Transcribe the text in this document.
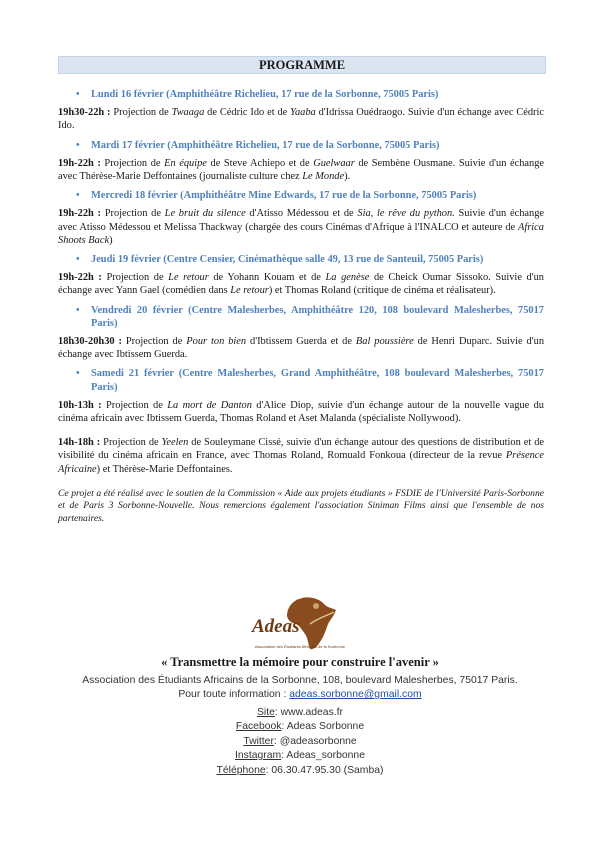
PROGRAMME
• Lundi 16 février (Amphithéâtre Richelieu, 17 rue de la Sorbonne, 75005 Paris)
19h30-22h : Projection de Twaaga de Cédric Ido et de Yaaba d'Idrissa Ouédraogo. Suivie d'un échange avec Cédric Ido.
• Mardi 17 février (Amphithéâtre Richelieu, 17 rue de la Sorbonne, 75005 Paris)
19h-22h : Projection de En équipe de Steve Achiepo et de Guelwaar de Sembène Ousmane. Suivie d'un échange avec Thérèse-Marie Deffontaines (journaliste culture chez Le Monde).
• Mercredi 18 février (Amphithéâtre Mine Edwards, 17 rue de la Sorbonne, 75005 Paris)
19h-22h : Projection de Le bruit du silence d'Atisso Médessou et de Sia, le rêve du python. Suivie d'un échange avec Atisso Médessou et Melissa Thackway (chargée des cours Cinémas d'Afrique à l'INALCO et auteure de Africa Shoots Back)
• Jeudi 19 février (Centre Censier, Cinémathèque salle 49, 13 rue de Santeuil, 75005 Paris)
19h-22h : Projection de Le retour de Yohann Kouam et de La genèse de Cheick Oumar Sissoko. Suivie d'un échange avec Yann Gael (comédien dans Le retour) et Thomas Roland (critique de cinéma et réalisateur).
• Vendredi 20 février (Centre Malesherbes, Amphithéâtre 120, 108 boulevard Malesherbes, 75017 Paris)
18h30-20h30 : Projection de Pour ton bien d'Ibtissem Guerda et de Bal poussière de Henri Duparc. Suivie d'un échange avec Ibtissem Guerda.
• Samedi 21 février (Centre Malesherbes, Grand Amphithéâtre, 108 boulevard Malesherbes, 75017 Paris)
10h-13h : Projection de La mort de Danton d'Alice Diop, suivie d'un échange autour de la nouvelle vague du cinéma africain avec Ibtissem Guerda, Thomas Roland et Aset Malanda (spécialiste Nollywood).
14h-18h : Projection de Yeelen de Souleymane Cissé, suivie d'un échange autour des questions de distribution et de visibilité du cinéma africain en France, avec Thomas Roland, Romuald Fonkoua (directeur de la revue Présence Africaine) et Thérèse-Marie Deffontaines.
Ce projet a été réalisé avec le soutien de la Commission « Aide aux projets étudiants » FSDIE de l'Université Paris-Sorbonne et de Paris 3 Sorbonne-Nouvelle. Nous remercions également l'association Siniman Films ainsi que l'ensemble de nos partenaires.
Adeas
Association des Étudiants Africains de la Sorbonne
« Transmettre la mémoire pour construire l'avenir »
Association des Étudiants Africains de la Sorbonne, 108, boulevard Malesherbes, 75017 Paris.
Pour toute information : adeas.sorbonne@gmail.com
Site: www.adeas.fr
Facebook: Adeas Sorbonne
Twitter: @adeasorbonne
Instagram: Adeas_sorbonne
Téléphone: 06.30.47.95.30 (Samba)
